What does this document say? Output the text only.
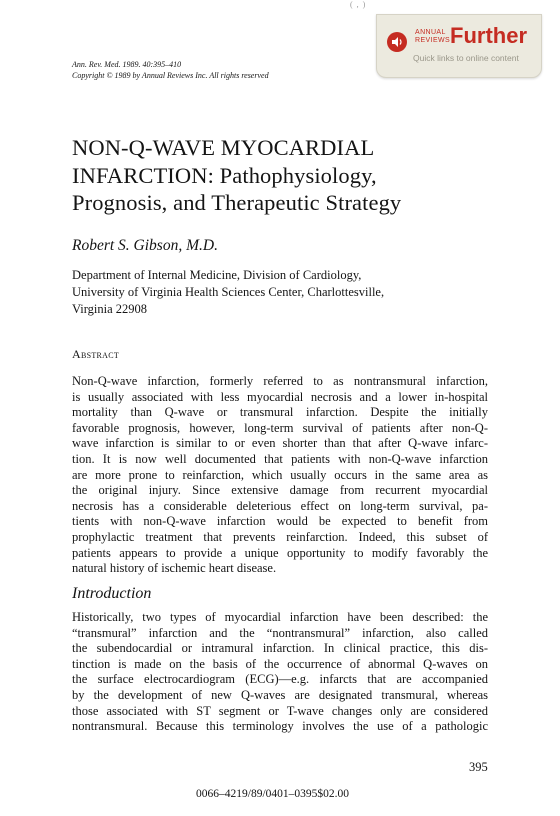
( , )
ANNUAL
REVIEWS Further
Quick links to online content
Ann. Rev. Med. 1989. 40:395–410
Copyright © 1989 by Annual Reviews Inc. All rights reserved
NON-Q-WAVE MYOCARDIAL
INFARCTION: Pathophysiology,
Prognosis, and Therapeutic Strategy
Robert S. Gibson, M.D.
Department of Internal Medicine, Division of Cardiology,
University of Virginia Health Sciences Center, Charlottesville,
Virginia 22908
Abstract
Non-Q-wave infarction, formerly referred to as nontransmural infarction,
is usually associated with less myocardial necrosis and a lower in-hospital
mortality than Q-wave or transmural infarction. Despite the initially
favorable prognosis, however, long-term survival of patients after non-Q-
wave infarction is similar to or even shorter than that after Q-wave infarc-
tion. It is now well documented that patients with non-Q-wave infarction
are more prone to reinfarction, which usually occurs in the same area as
the original injury. Since extensive damage from recurrent myocardial
necrosis has a considerable deleterious effect on long-term survival, pa-
tients with non-Q-wave infarction would be expected to benefit from
prophylactic treatment that prevents reinfarction. Indeed, this subset of
patients appears to provide a unique opportunity to modify favorably the
natural history of ischemic heart disease.
Introduction
Historically, two types of myocardial infarction have been described: the
“transmural” infarction and the “nontransmural” infarction, also called
the subendocardial or intramural infarction. In clinical practice, this dis-
tinction is made on the basis of the occurrence of abnormal Q-waves on
the surface electrocardiogram (ECG)—e.g. infarcts that are accompanied
by the development of new Q-waves are designated transmural, whereas
those associated with ST segment or T-wave changes only are considered
nontransmural. Because this terminology involves the use of a pathologic
395
0066–4219/89/0401–0395$02.00
